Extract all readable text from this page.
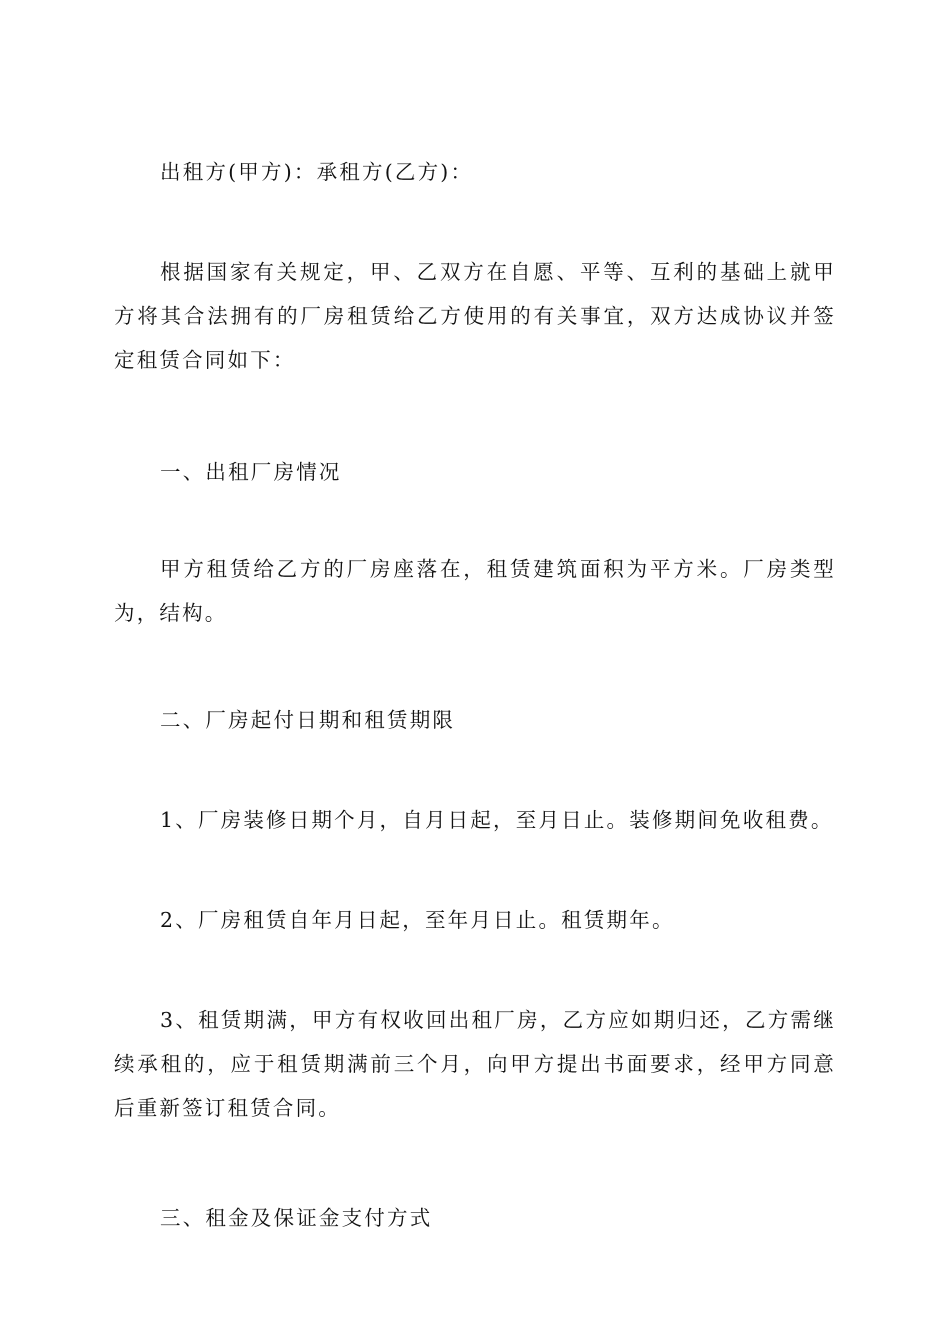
出租方(甲方)：承租方(乙方)：

根据国家有关规定，甲、乙双方在自愿、平等、互利的基础上就甲方将其合法拥有的厂房租赁给乙方使用的有关事宜，双方达成协议并签定租赁合同如下：

一、出租厂房情况

甲方租赁给乙方的厂房座落在，租赁建筑面积为平方米。厂房类型为，结构。

二、厂房起付日期和租赁期限

1、厂房装修日期个月，自月日起，至月日止。装修期间免收租费。

2、厂房租赁自年月日起，至年月日止。租赁期年。

3、租赁期满，甲方有权收回出租厂房，乙方应如期归还，乙方需继续承租的，应于租赁期满前三个月，向甲方提出书面要求，经甲方同意后重新签订租赁合同。

三、租金及保证金支付方式
